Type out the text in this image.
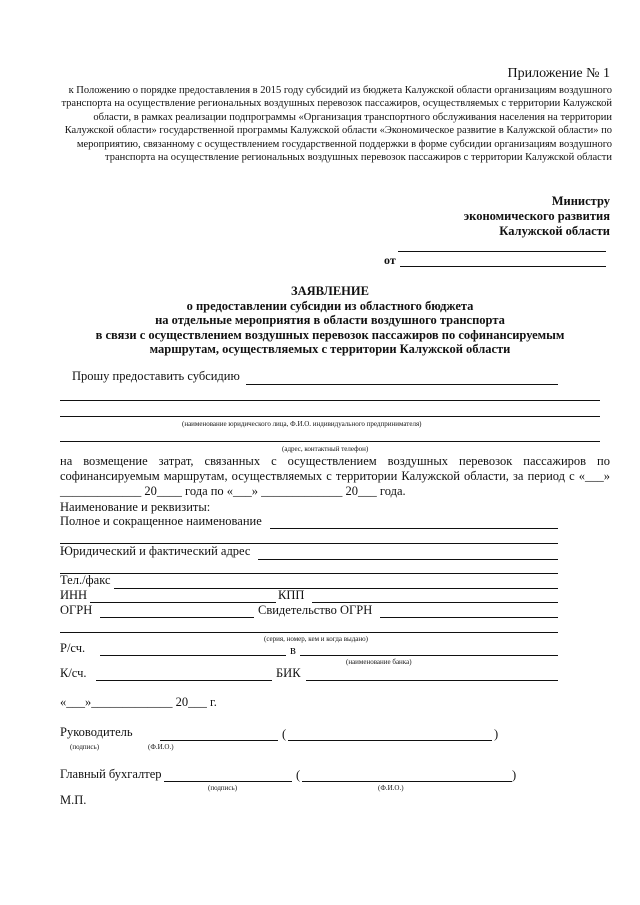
Приложение № 1
к Положению о порядке предоставления в 2015 году субсидий из бюджета Калужской области организациям воздушного транспорта на осуществление региональных воздушных перевозок пассажиров, осуществляемых с территории Калужской области, в рамках реализации подпрограммы «Организация транспортного обслуживания населения на территории Калужской области» государственной программы Калужской области «Экономическое развитие в Калужской области» по мероприятию, связанному с осуществлением государственной поддержки в форме субсидии организациям воздушного транспорта на осуществление региональных воздушных перевозок пассажиров с территории Калужской области
Министру
экономического развития
Калужской области
от
ЗАЯВЛЕНИЕ
о предоставлении субсидии из областного бюджета
на отдельные мероприятия в области воздушного транспорта
в связи с осуществлением воздушных перевозок пассажиров по софинансируемым
маршрутам, осуществляемых с территории Калужской области
Прошу предоставить субсидию
(наименование юридического лица, Ф.И.О. индивидуального предпринимателя)
(адрес, контактный телефон)
на возмещение затрат, связанных с осуществлением воздушных перевозок пассажиров по софинансируемым маршрутам, осуществляемых с территории Калужской области, за период с «___» _____________ 20____ года по «___» _____________ 20___ года.
Наименование и реквизиты:
Полное и сокращенное наименование
Юридический и фактический адрес
Тел./факс
ИНН	КПП
ОГРН	Свидетельство ОГРН
(серия, номер, кем и когда выдано)
Р/сч.	в
(наименование банка)
К/сч.	БИК
«___»_____________ 20___ г.
Руководитель	(	)
(подпись)	(Ф.И.О.)
Главный бухгалтер	(	)
(подпись)	(Ф.И.О.)
М.П.
